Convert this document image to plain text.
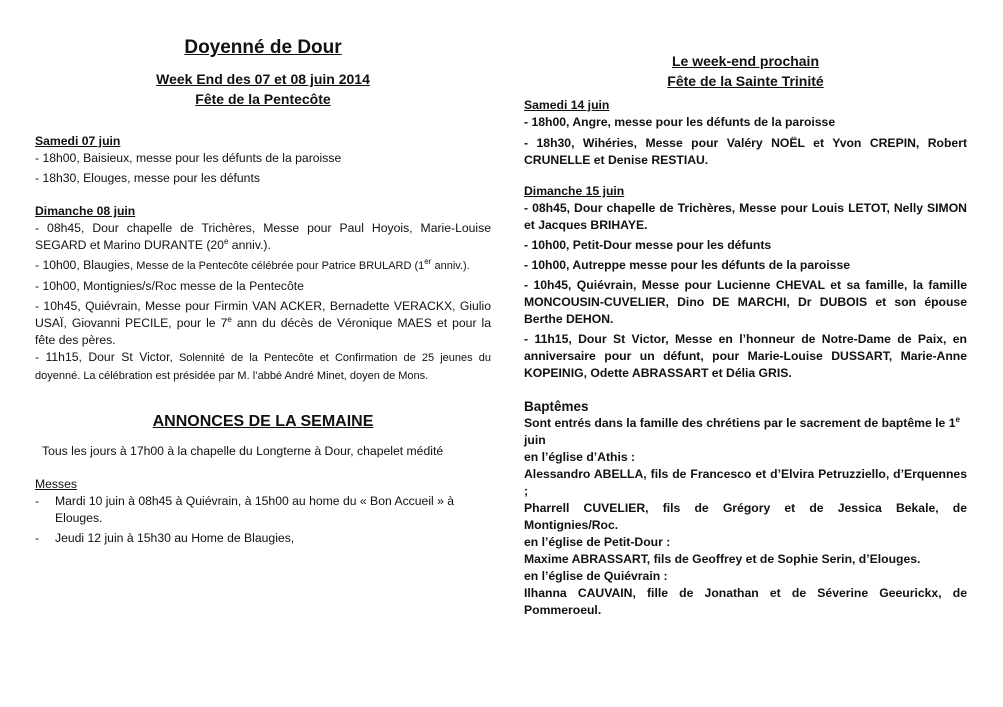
Doyenné de Dour
Week End des 07 et 08 juin 2014
Fête de la Pentecôte
Samedi 07 juin
- 18h00, Baisieux, messe pour les défunts de la paroisse
- 18h30, Elouges, messe pour les défunts
Dimanche 08 juin
- 08h45, Dour chapelle de Trichères, Messe pour Paul Hoyois, Marie-Louise SEGARD et Marino DURANTE (20e anniv.).
- 10h00, Blaugies, Messe de la Pentecôte célébrée pour Patrice BRULARD (1er anniv.).
- 10h00, Montignies/s/Roc messe de la Pentecôte
- 10h45, Quiévrain, Messe pour Firmin VAN ACKER, Bernadette VERACKX, Giulio USAÏ, Giovanni PECILE, pour le 7e ann du décès de Véronique MAES et pour la fête des pères.
- 11h15, Dour St Victor, Solennité de la Pentecôte et Confirmation de 25 jeunes du doyenné. La célébration est présidée par M. l’abbé André Minet, doyen de Mons.
ANNONCES DE LA SEMAINE
Tous les jours à 17h00 à la chapelle du Longterne à Dour, chapelet médité
Messes
- Mardi 10 juin à 08h45 à Quiévrain, à 15h00 au home du « Bon Accueil » à Elouges.
- Jeudi 12 juin à 15h30 au Home de Blaugies,
Le week-end prochain
Fête de la Sainte Trinité
Samedi 14 juin
- 18h00, Angre, messe pour les défunts de la paroisse
- 18h30, Wihéries, Messe pour Valéry NOËL et Yvon CREPIN, Robert CRUNELLE et Denise RESTIAU.
Dimanche 15 juin
- 08h45, Dour chapelle de Trichères, Messe pour Louis LETOT, Nelly SIMON et Jacques BRIHAYE.
- 10h00, Petit-Dour messe pour les défunts
- 10h00, Autreppe messe pour les défunts de la paroisse
- 10h45, Quiévrain, Messe pour Lucienne CHEVAL et sa famille, la famille MONCOUSIN-CUVELIER, Dino DE MARCHI, Dr DUBOIS et son épouse Berthe DEHON.
- 11h15, Dour St Victor, Messe en l’honneur de Notre-Dame de Paix, en anniversaire pour un défunt, pour Marie-Louise DUSSART, Marie-Anne KOPEINIG, Odette ABRASSART et Délia GRIS.
Baptêmes
Sont entrés dans la famille des chrétiens par le sacrement de baptême le 1e juin
en l’église d’Athis :
Alessandro ABELLA, fils de Francesco et d’Elvira Petruzziello, d’Erquennes ;
Pharrell CUVELIER, fils de Grégory et de Jessica Bekale, de Montignies/Roc.
en l’église de Petit-Dour :
Maxime ABRASSART, fils de Geoffrey et de Sophie Serin, d’Elouges.
en l’église de Quiévrain :
Ilhanna CAUVAIN, fille de Jonathan et de Séverine Geeurickx, de Pommeroeul.
